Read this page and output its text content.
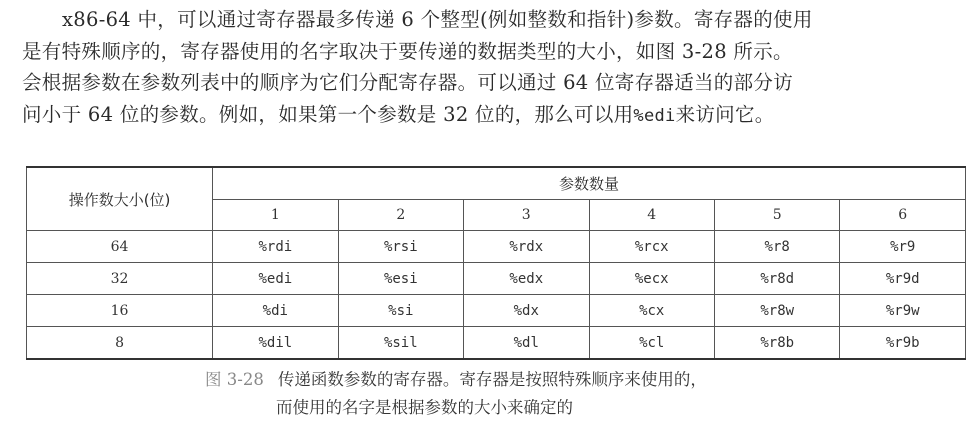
x86-64 中，可以通过寄存器最多传递 6 个整型(例如整数和指针)参数。寄存器的使用
是有特殊顺序的，寄存器使用的名字取决于要传递的数据类型的大小，如图 3-28 所示。
会根据参数在参数列表中的顺序为它们分配寄存器。可以通过 64 位寄存器适当的部分访
问小于 64 位的参数。例如，如果第一个参数是 32 位的，那么可以用%edi来访问它。

操作数大小(位)	参数数量					
	1	2	3	4	5	6
64	%rdi	%rsi	%rdx	%rcx	%r8	%r9
32	%edi	%esi	%edx	%ecx	%r8d	%r9d
16	%di	%si	%dx	%cx	%r8w	%r9w
8	%dil	%sil	%dl	%cl	%r8b	%r9b
图 3-28 传递函数参数的寄存器。寄存器是按照特殊顺序来使用的，
而使用的名字是根据参数的大小来确定的
